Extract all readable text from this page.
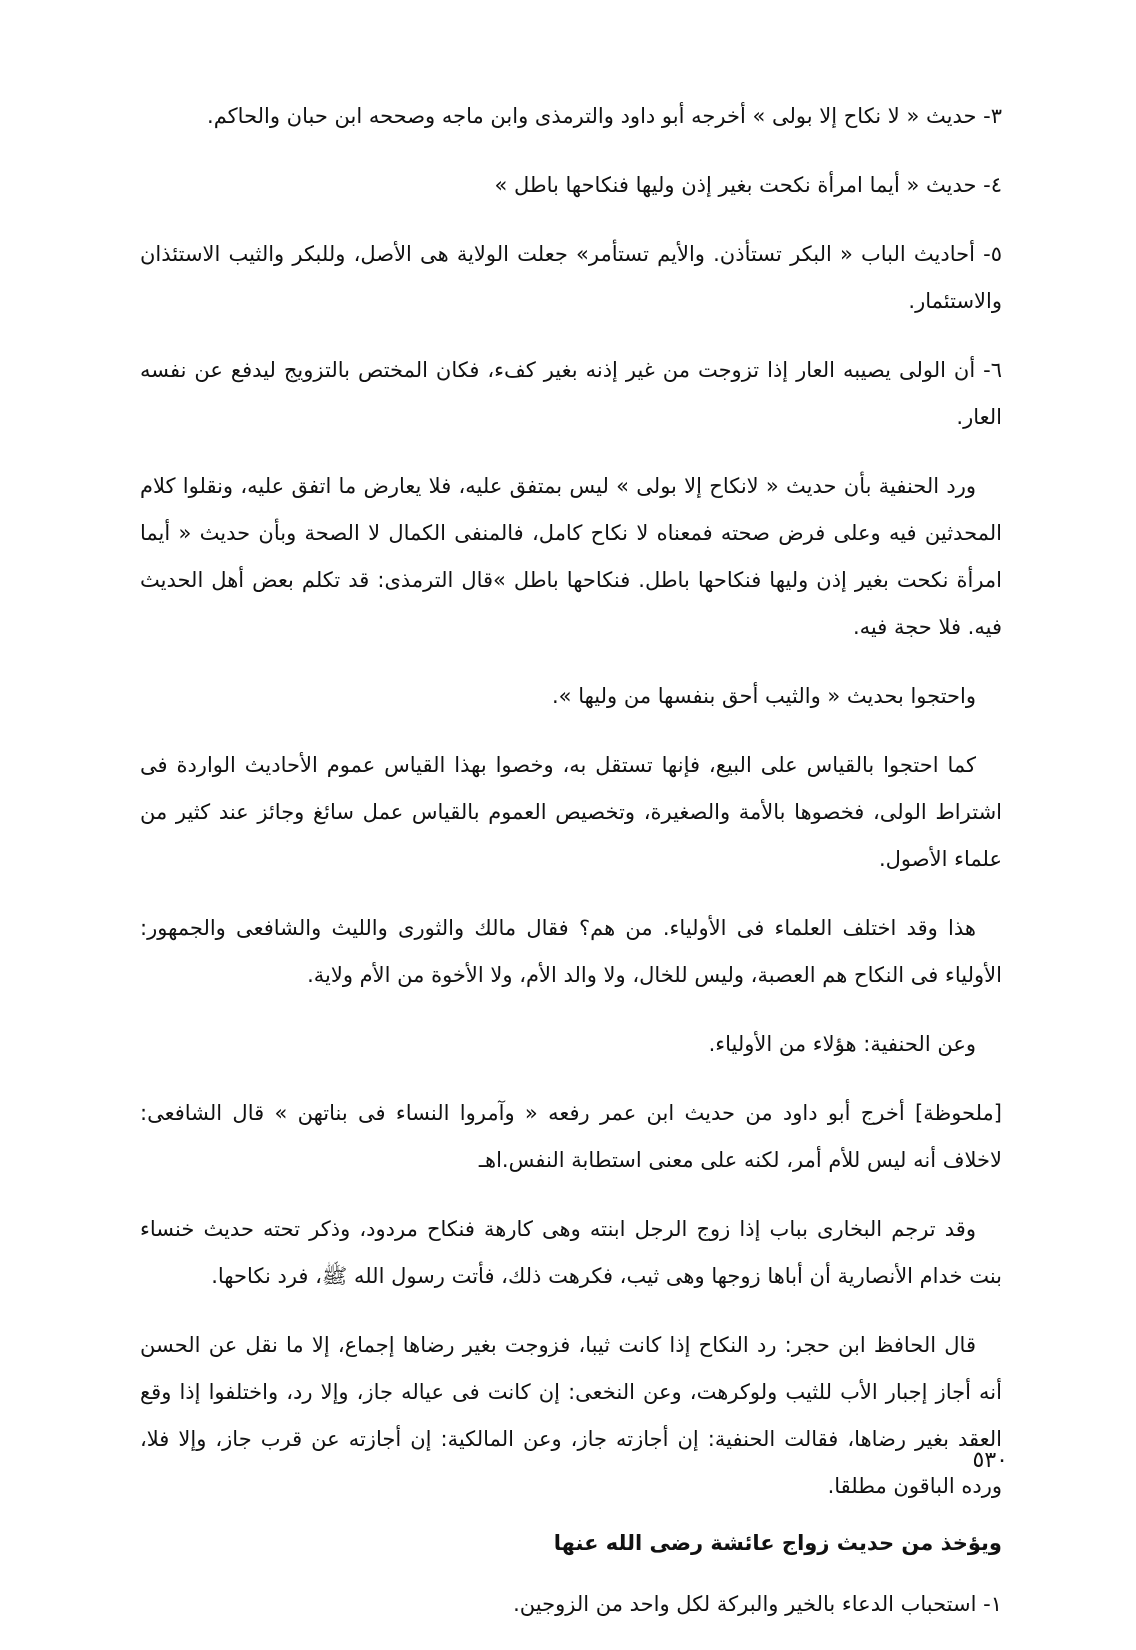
٣- حديث « لا نكاح إلا بولى » أخرجه أبو داود والترمذى وابن ماجه وصححه ابن حبان والحاكم.

٤- حديث « أيما امرأة نكحت بغير إذن وليها فنكاحها باطل »

٥- أحاديث الباب « البكر تستأذن. والأيم تستأمر» جعلت الولاية هى الأصل، وللبكر والثيب الاستئذان والاستئمار.

٦- أن الولى يصيبه العار إذا تزوجت من غير إذنه بغير كفء، فكان المختص بالتزويج ليدفع عن نفسه العار.

ورد الحنفية بأن حديث « لانكاح إلا بولى » ليس بمتفق عليه، فلا يعارض ما اتفق عليه، ونقلوا كلام المحدثين فيه وعلى فرض صحته فمعناه لا نكاح كامل، فالمنفى الكمال لا الصحة وبأن حديث « أيما امرأة نكحت بغير إذن وليها فنكاحها باطل. فنكاحها باطل »قال الترمذى: قد تكلم بعض أهل الحديث فيه. فلا حجة فيه.

واحتجوا بحديث « والثيب أحق بنفسها من وليها ».

كما احتجوا بالقياس على البيع، فإنها تستقل به، وخصوا بهذا القياس عموم الأحاديث الواردة فى اشتراط الولى، فخصوها بالأمة والصغيرة، وتخصيص العموم بالقياس عمل سائغ وجائز عند كثير من علماء الأصول.

هذا وقد اختلف العلماء فى الأولياء. من هم؟ فقال مالك والثورى والليث والشافعى والجمهور: الأولياء فى النكاح هم العصبة، وليس للخال، ولا والد الأم، ولا الأخوة من الأم ولاية.

وعن الحنفية: هؤلاء من الأولياء.

[ملحوظة] أخرج أبو داود من حديث ابن عمر رفعه « وآمروا النساء فى بناتهن » قال الشافعى: لاخلاف أنه ليس للأم أمر، لكنه على معنى استطابة النفس.اهـ

وقد ترجم البخارى بباب إذا زوج الرجل ابنته وهى كارهة فنكاح مردود، وذكر تحته حديث خنساء بنت خدام الأنصارية أن أباها زوجها وهى ثيب، فكرهت ذلك، فأتت رسول الله ﷺ، فرد نكاحها.

قال الحافظ ابن حجر: رد النكاح إذا كانت ثيبا، فزوجت بغير رضاها إجماع، إلا ما نقل عن الحسن أنه أجاز إجبار الأب للثيب ولوكرهت، وعن النخعى: إن كانت فى عياله جاز، وإلا رد، واختلفوا إذا وقع العقد بغير رضاها، فقالت الحنفية: إن أجازته جاز، وعن المالكية: إن أجازته عن قرب جاز، وإلا فلا، ورده الباقون مطلقا.

ويؤخذ من حديث زواج عائشة رضى الله عنها

١- استحباب الدعاء بالخير والبركة لكل واحد من الزوجين.

٥٣٠
